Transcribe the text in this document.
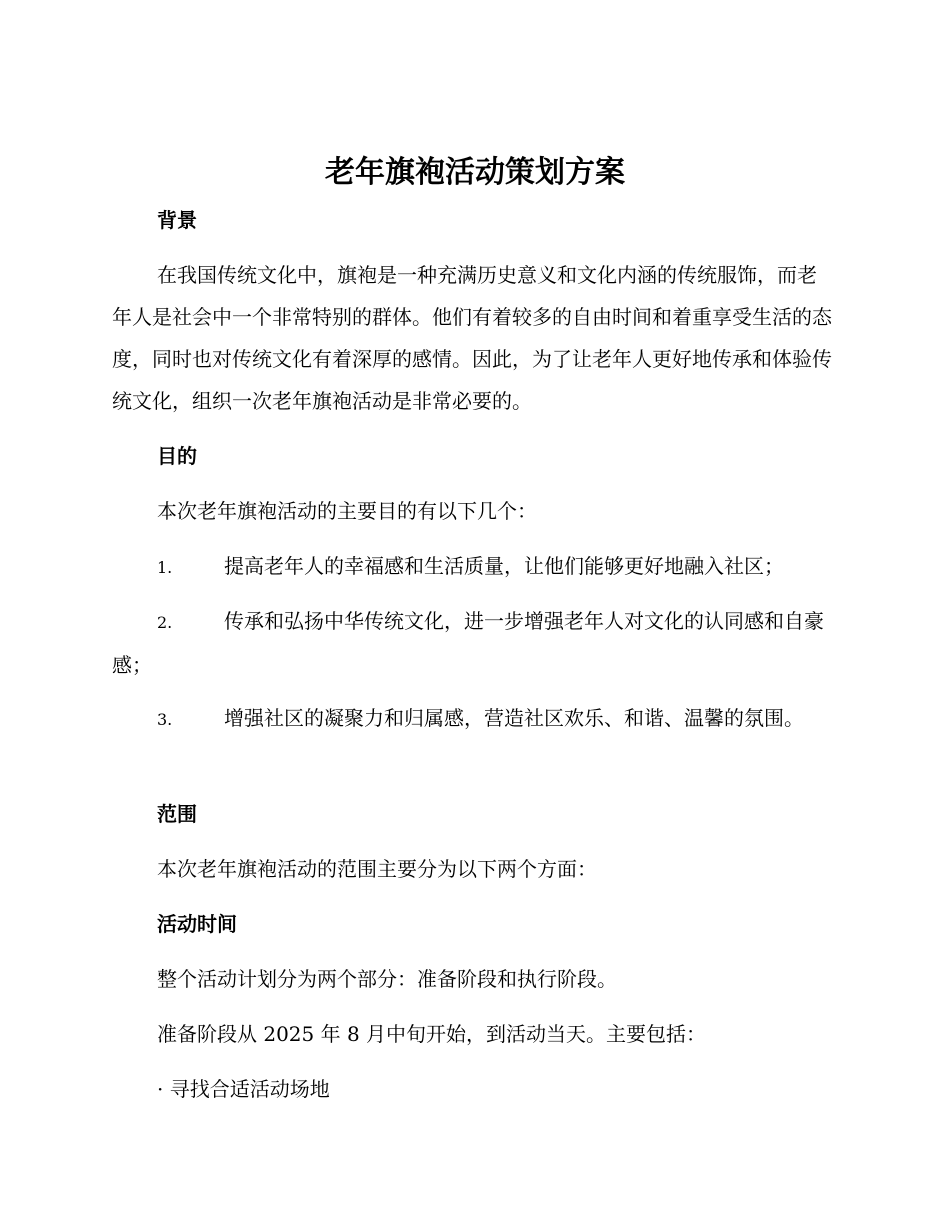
老年旗袍活动策划方案
背景

在我国传统文化中，旗袍是一种充满历史意义和文化内涵的传统服饰，而老年人是社会中一个非常特别的群体。他们有着较多的自由时间和着重享受生活的态度，同时也对传统文化有着深厚的感情。因此，为了让老年人更好地传承和体验传统文化，组织一次老年旗袍活动是非常必要的。

目的

本次老年旗袍活动的主要目的有以下几个：

1.	提高老年人的幸福感和生活质量，让他们能够更好地融入社区；

2.	传承和弘扬中华传统文化，进一步增强老年人对文化的认同感和自豪感；

3.	增强社区的凝聚力和归属感，营造社区欢乐、和谐、温馨的氛围。

范围

本次老年旗袍活动的范围主要分为以下两个方面：

活动时间

整个活动计划分为两个部分：准备阶段和执行阶段。

准备阶段从 2025 年 8 月中旬开始，到活动当天。主要包括：

· 寻找合适活动场地
